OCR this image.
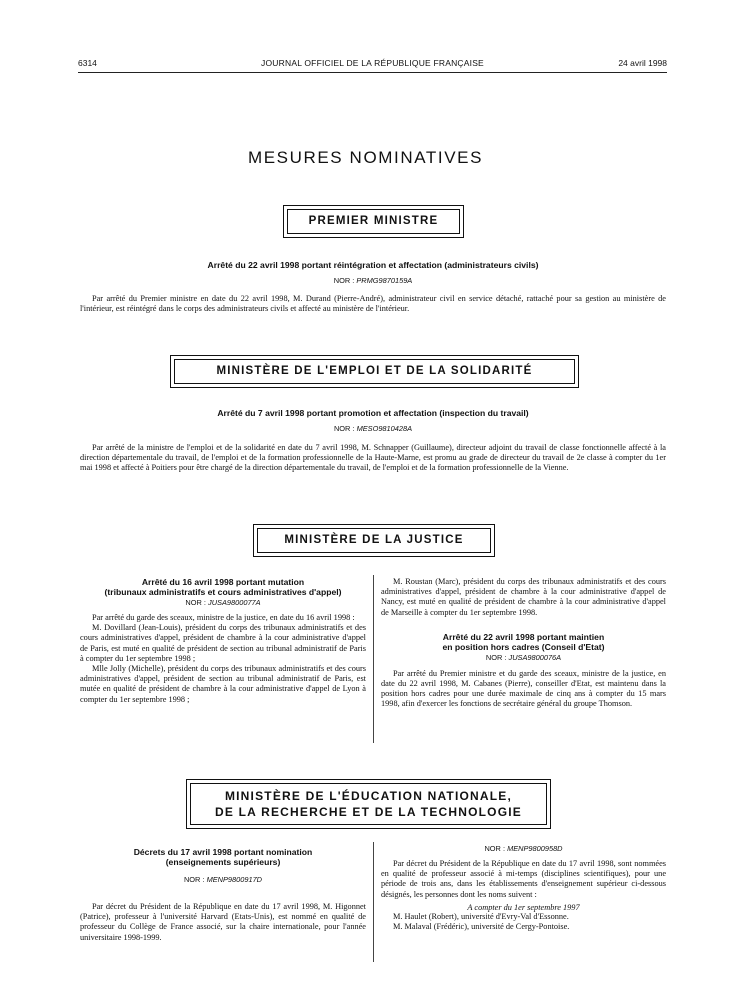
6314	JOURNAL OFFICIEL DE LA RÉPUBLIQUE FRANÇAISE	24 avril 1998
MESURES NOMINATIVES
PREMIER MINISTRE
Arrêté du 22 avril 1998 portant réintégration et affectation (administrateurs civils)
NOR : PRMG9870159A

Par arrêté du Premier ministre en date du 22 avril 1998, M. Durand (Pierre-André), administrateur civil en service détaché, rattaché pour sa gestion au ministère de l'intérieur, est réintégré dans le corps des administrateurs civils et affecté au ministère de l'intérieur.

MINISTÈRE DE L'EMPLOI ET DE LA SOLIDARITÉ
Arrêté du 7 avril 1998 portant promotion et affectation (inspection du travail)
NOR : MESO9810428A

Par arrêté de la ministre de l'emploi et de la solidarité en date du 7 avril 1998, M. Schnapper (Guillaume), directeur adjoint du travail de classe fonctionnelle affecté à la direction départementale du travail, de l'emploi et de la formation professionnelle de la Haute-Marne, est promu au grade de directeur du travail de 2e classe à compter du 1er mai 1998 et affecté à Poitiers pour être chargé de la direction départementale du travail, de l'emploi et de la formation professionnelle de la Vienne.

MINISTÈRE DE LA JUSTICE
Arrêté du 16 avril 1998 portant mutation
(tribunaux administratifs et cours administratives d'appel)
NOR : JUSA9800077A

Par arrêté du garde des sceaux, ministre de la justice, en date du 16 avril 1998 :

M. Dovillard (Jean-Louis), président du corps des tribunaux administratifs et des cours administratives d'appel, président de chambre à la cour administrative d'appel de Paris, est muté en qualité de président de section au tribunal administratif de Paris à compter du 1er septembre 1998 ;

Mlle Jolly (Michelle), président du corps des tribunaux administratifs et des cours administratives d'appel, président de section au tribunal administratif de Paris, est mutée en qualité de président de chambre à la cour administrative d'appel de Lyon à compter du 1er septembre 1998 ;

M. Roustan (Marc), président du corps des tribunaux administratifs et des cours administratives d'appel, président de chambre à la cour administrative d'appel de Nancy, est muté en qualité de président de chambre à la cour administrative d'appel de Marseille à compter du 1er septembre 1998.

Arrêté du 22 avril 1998 portant maintien
en position hors cadres (Conseil d'Etat)
NOR : JUSA9800076A

Par arrêté du Premier ministre et du garde des sceaux, ministre de la justice, en date du 22 avril 1998, M. Cabanes (Pierre), conseiller d'Etat, est maintenu dans la position hors cadres pour une durée maximale de cinq ans à compter du 15 mars 1998, afin d'exercer les fonctions de secrétaire général du groupe Thomson.

MINISTÈRE DE L'ÉDUCATION NATIONALE,
DE LA RECHERCHE ET DE LA TECHNOLOGIE
Décrets du 17 avril 1998 portant nomination
(enseignements supérieurs)
NOR : MENP9800917D

Par décret du Président de la République en date du 17 avril 1998, M. Higonnet (Patrice), professeur à l'université Harvard (Etats-Unis), est nommé en qualité de professeur du Collège de France associé, sur la chaire internationale, pour l'année universitaire 1998-1999.

NOR : MENP9800958D

Par décret du Président de la République en date du 17 avril 1998, sont nommées en qualité de professeur associé à mi-temps (disciplines scientifiques), pour une période de trois ans, dans les établissements d'enseignement supérieur ci-dessous désignés, les personnes dont les noms suivent :

A compter du 1er septembre 1997

M. Haulet (Robert), université d'Evry-Val d'Essonne.

M. Malaval (Frédéric), université de Cergy-Pontoise.
